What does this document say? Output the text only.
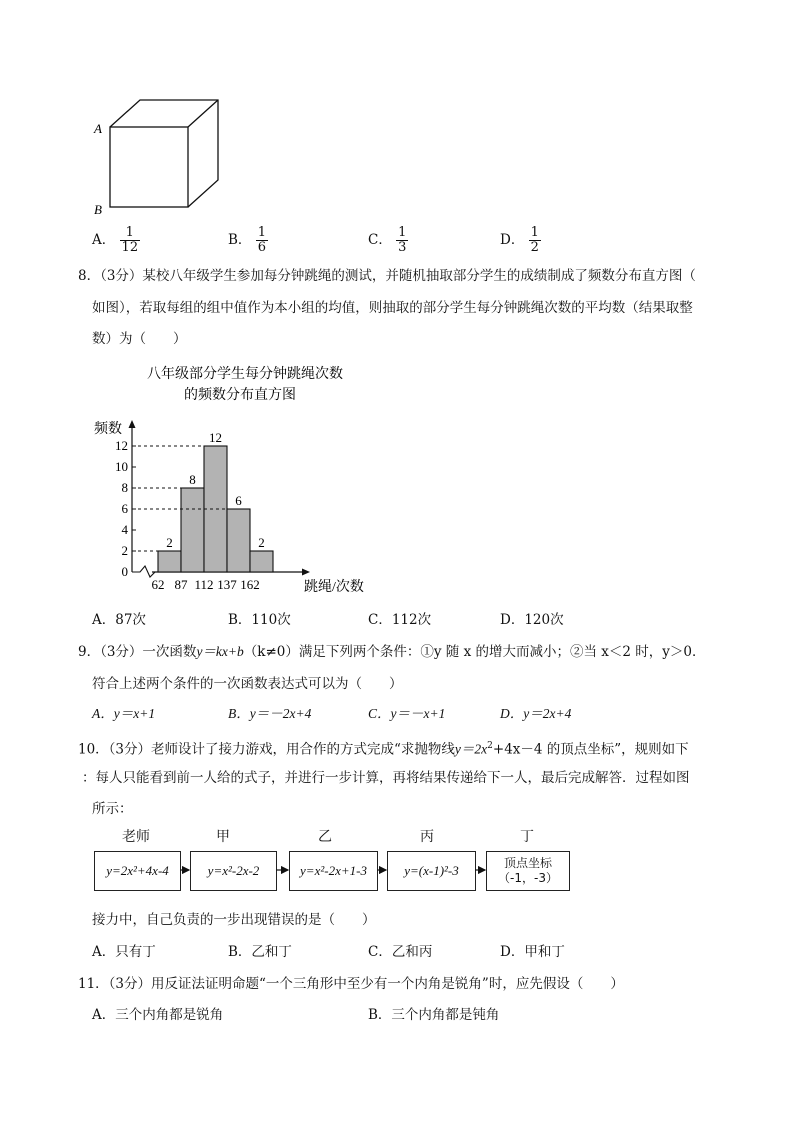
A
B
A． $\frac{1}{12}$	B． $\frac{1}{6}$	C． $\frac{1}{3}$	D． $\frac{1}{2}$
8．（3分）某校八年级学生参加每分钟跳绳的测试，并随机抽取部分学生的成绩制成了频数分布直方图（
如图），若取每组的组中值作为本小组的均值，则抽取的部分学生每分钟跳绳次数的平均数（结果取整
数）为（　　）
八年级部分学生每分钟跳绳次数
的频数分布直方图
频数
跳绳/次数
0
2
4
6
8
10
12
2
8
12
6
2
62 87 112 137 162
A．87次	B．110次	C．112次	D．120次
9．（3分）一次函数y＝kx+b（k≠0）满足下列两个条件：①y 随 x 的增大而减小；②当 x＜2 时，y＞0．
符合上述两个条件的一次函数表达式可以为（　　）
A．y＝x+1	B．y＝－2x+4	C．y＝－x+1	D．y＝2x+4
10．（3分）老师设计了接力游戏，用合作的方式完成“求抛物线$y=2x^2+4x-4$ 的顶点坐标”，规则如下
：每人只能看到前一人给的式子，并进行一步计算，再将结果传递给下一人，最后完成解答．过程如图
所示：
老师	甲	乙	丙	丁
y=2x²+4x-4	y=x²-2x-2	y=x²-2x+1-3	y=(x-1)²-3	顶点坐标
（-1，-3）
接力中，自己负责的一步出现错误的是（　　）
A．只有丁	B．乙和丁	C．乙和丙	D．甲和丁
11．（3分）用反证法证明命题“一个三角形中至少有一个内角是锐角”时，应先假设（　　）
A．三个内角都是锐角	B．三个内角都是钝角
